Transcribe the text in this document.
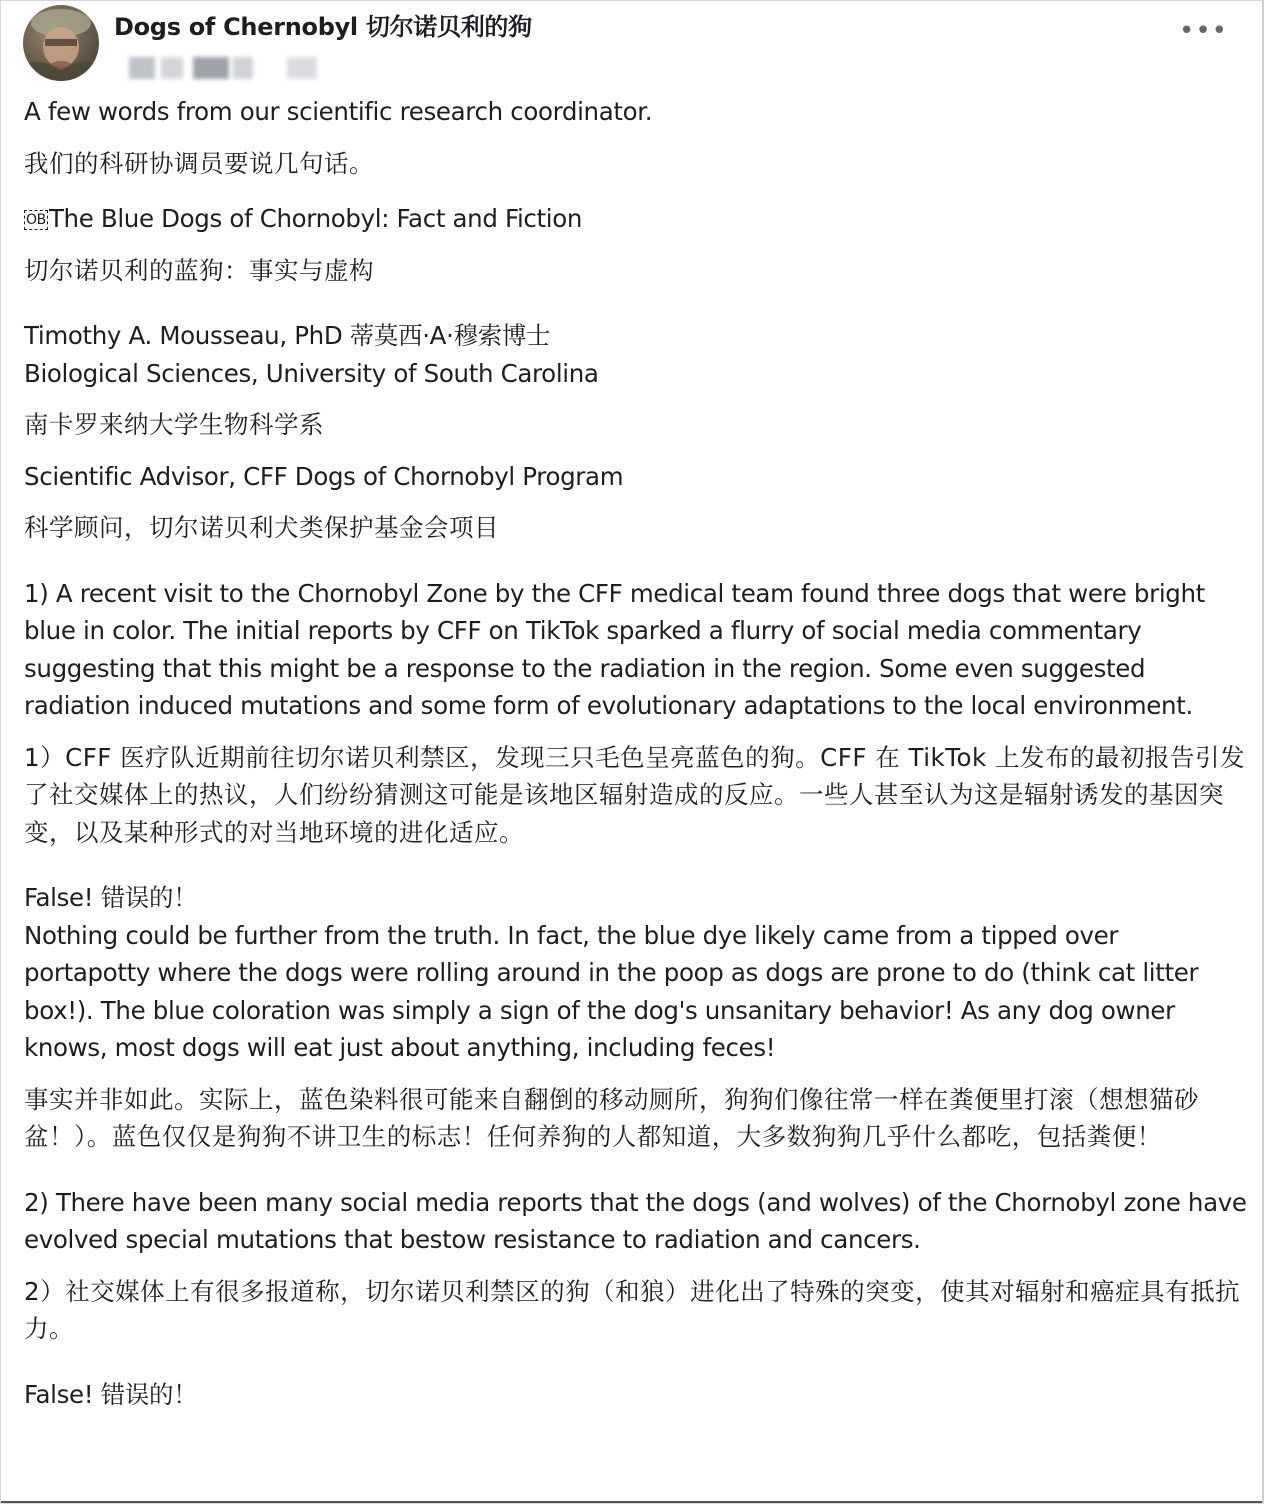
Dogs of Chernobyl 切尔诺贝利的狗	•••

A few words from our scientific research coordinator.

我们的科研协调员要说几句话。

OB The Blue Dogs of Chornobyl: Fact and Fiction

切尔诺贝利的蓝狗：事实与虚构

Timothy A. Mousseau, PhD 蒂莫西·A·穆索博士

Biological Sciences, University of South Carolina

南卡罗来纳大学生物科学系

Scientific Advisor, CFF Dogs of Chornobyl Program

科学顾问，切尔诺贝利犬类保护基金会项目

1) A recent visit to the Chornobyl Zone by the CFF medical team found three dogs that were bright blue in color. The initial reports by CFF on TikTok sparked a flurry of social media commentary suggesting that this might be a response to the radiation in the region. Some even suggested radiation induced mutations and some form of evolutionary adaptations to the local environment.

1）CFF 医疗队近期前往切尔诺贝利禁区，发现三只毛色呈亮蓝色的狗。CFF 在 TikTok 上发布的最初报告引发了社交媒体上的热议，人们纷纷猜测这可能是该地区辐射造成的反应。一些人甚至认为这是辐射诱发的基因突变，以及某种形式的对当地环境的进化适应。

False! 错误的！

Nothing could be further from the truth. In fact, the blue dye likely came from a tipped over portapotty where the dogs were rolling around in the poop as dogs are prone to do (think cat litter box!). The blue coloration was simply a sign of the dog's unsanitary behavior! As any dog owner knows, most dogs will eat just about anything, including feces!

事实并非如此。实际上，蓝色染料很可能来自翻倒的移动厕所，狗狗们像往常一样在粪便里打滚（想想猫砂盆！）。蓝色仅仅是狗狗不讲卫生的标志！任何养狗的人都知道，大多数狗狗几乎什么都吃，包括粪便！

2) There have been many social media reports that the dogs (and wolves) of the Chornobyl zone have evolved special mutations that bestow resistance to radiation and cancers.

2）社交媒体上有很多报道称，切尔诺贝利禁区的狗（和狼）进化出了特殊的突变，使其对辐射和癌症具有抵抗力。

False! 错误的！
